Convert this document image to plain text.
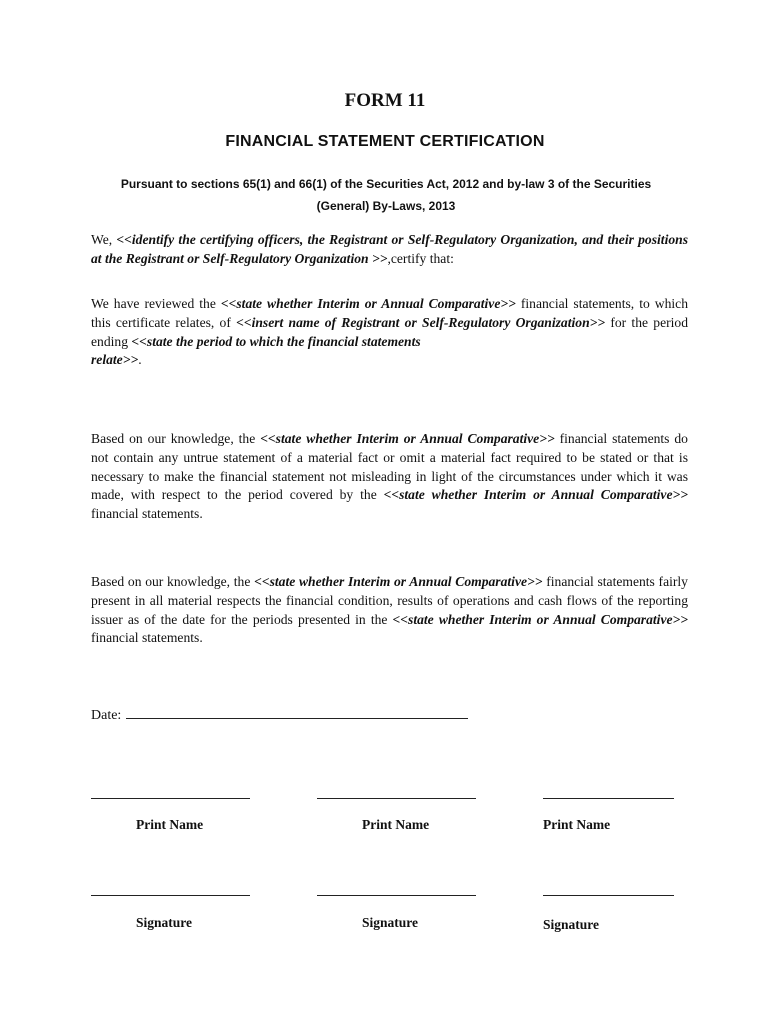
FORM 11
FINANCIAL STATEMENT CERTIFICATION
Pursuant to sections 65(1) and 66(1) of the Securities Act, 2012 and by-law 3 of the Securities
(General) By-Laws, 2013
We, <<identify the certifying officers, the Registrant or Self-Regulatory Organization, and their positions at the Registrant or Self-Regulatory Organization >>,certify that:
We have reviewed the <<state whether Interim or Annual Comparative>> financial statements, to which this certificate relates, of <<insert name of Registrant or Self-Regulatory Organization>> for the period ending <<state the period to which the financial statements
relate>>.
Based on our knowledge, the <<state whether Interim or Annual Comparative>> financial statements do not contain any untrue statement of a material fact or omit a material fact required to be stated or that is necessary to make the financial statement not misleading in light of the circumstances under which it was made, with respect to the period covered by the <<state whether Interim or Annual Comparative>> financial statements.
Based on our knowledge, the <<state whether Interim or Annual Comparative>> financial statements fairly present in all material respects the financial condition, results of operations and cash flows of the reporting issuer as of the date for the periods presented in the <<state whether Interim or Annual Comparative>> financial statements.
Date:
Print Name	Print Name	Print Name
Signature	Signature	Signature
